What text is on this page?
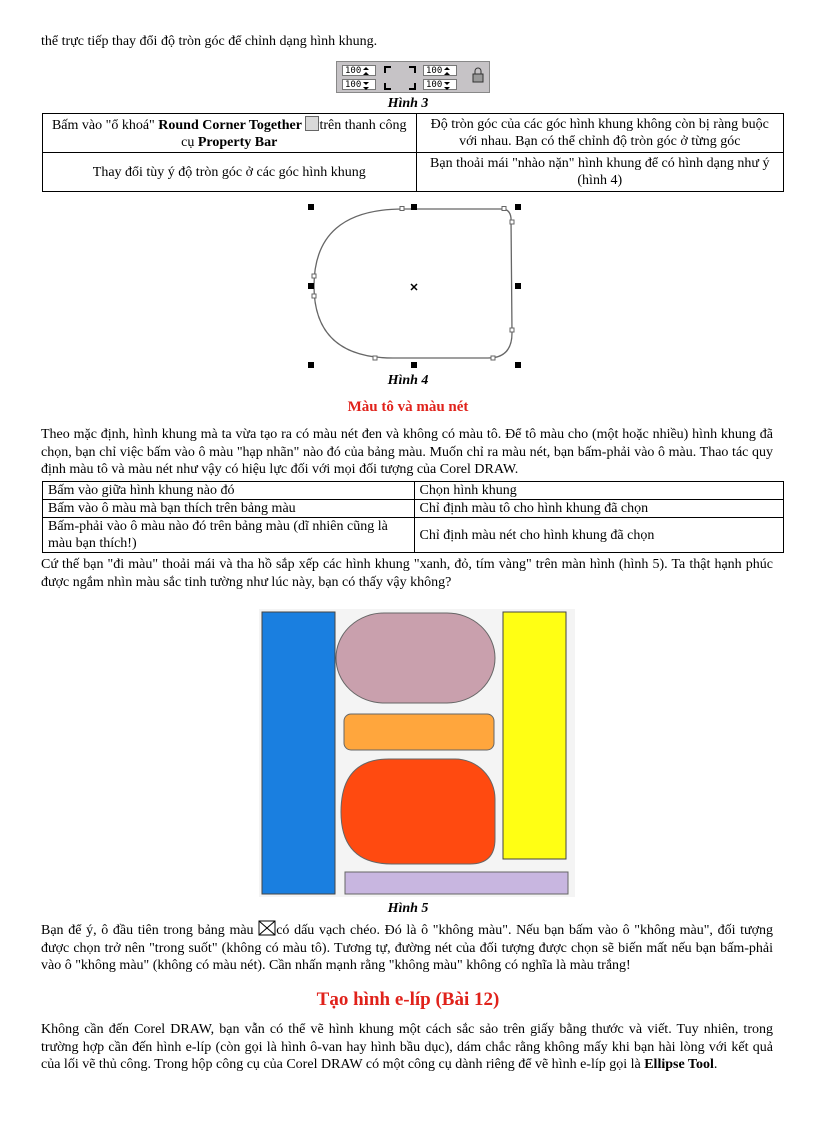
thể trực tiếp thay đổi độ tròn góc để chỉnh dạng hình khung.
100
100
100
100
Hình 3
Bấm vào "ổ khoá" Round Corner Together trên thanh công cụ Property Bar	Độ tròn góc của các góc hình khung không còn bị ràng buộc với nhau. Bạn có thể chỉnh độ tròn góc ở từng góc
Thay đổi tùy ý độ tròn góc ở các góc hình khung	Bạn thoải mái "nhào nặn" hình khung để có hình dạng như ý (hình 4)
Hình 4
Màu tô và màu nét
Theo mặc định, hình khung mà ta vừa tạo ra có màu nét đen và không có màu tô. Để tô màu cho (một hoặc nhiều) hình khung đã chọn, bạn chỉ việc bấm vào ô màu "hạp nhãn" nào đó của bảng màu. Muốn chỉ ra màu nét, bạn bấm-phải vào ô màu. Thao tác quy định màu tô và màu nét như vậy có hiệu lực đối với mọi đối tượng của Corel DRAW.
Bấm vào giữa hình khung nào đó	Chọn hình khung
Bấm vào ô màu mà bạn thích trên bảng màu	Chỉ định màu tô cho hình khung đã chọn
Bấm-phải vào ô màu nào đó trên bảng màu (dĩ nhiên cũng là màu bạn thích!)	Chỉ định màu nét cho hình khung đã chọn
Cứ thế bạn "đi màu" thoải mái và tha hồ sắp xếp các hình khung "xanh, đỏ, tím vàng" trên màn hình (hình 5). Ta thật hạnh phúc được ngắm nhìn màu sắc tinh tường như lúc này, bạn có thấy vậy không?
Hình 5
Bạn để ý, ô đầu tiên trong bảng màu có dấu vạch chéo. Đó là ô "không màu". Nếu bạn bấm vào ô "không màu", đối tượng được chọn trở nên "trong suốt" (không có màu tô). Tương tự, đường nét của đối tượng được chọn sẽ biến mất nếu bạn bấm-phải vào ô "không màu" (không có màu nét). Cần nhấn mạnh rằng "không màu" không có nghĩa là màu trắng!
Tạo hình e-líp (Bài 12)
Không cần đến Corel DRAW, bạn vẫn có thể vẽ hình khung một cách sắc sảo trên giấy bằng thước và viết. Tuy nhiên, trong trường hợp cần đến hình e-líp (còn gọi là hình ô-van hay hình bầu dục), dám chắc rằng không mấy khi bạn hài lòng với kết quả của lối vẽ thủ công. Trong hộp công cụ của Corel DRAW có một công cụ dành riêng để vẽ hình e-líp gọi là Ellipse Tool.
